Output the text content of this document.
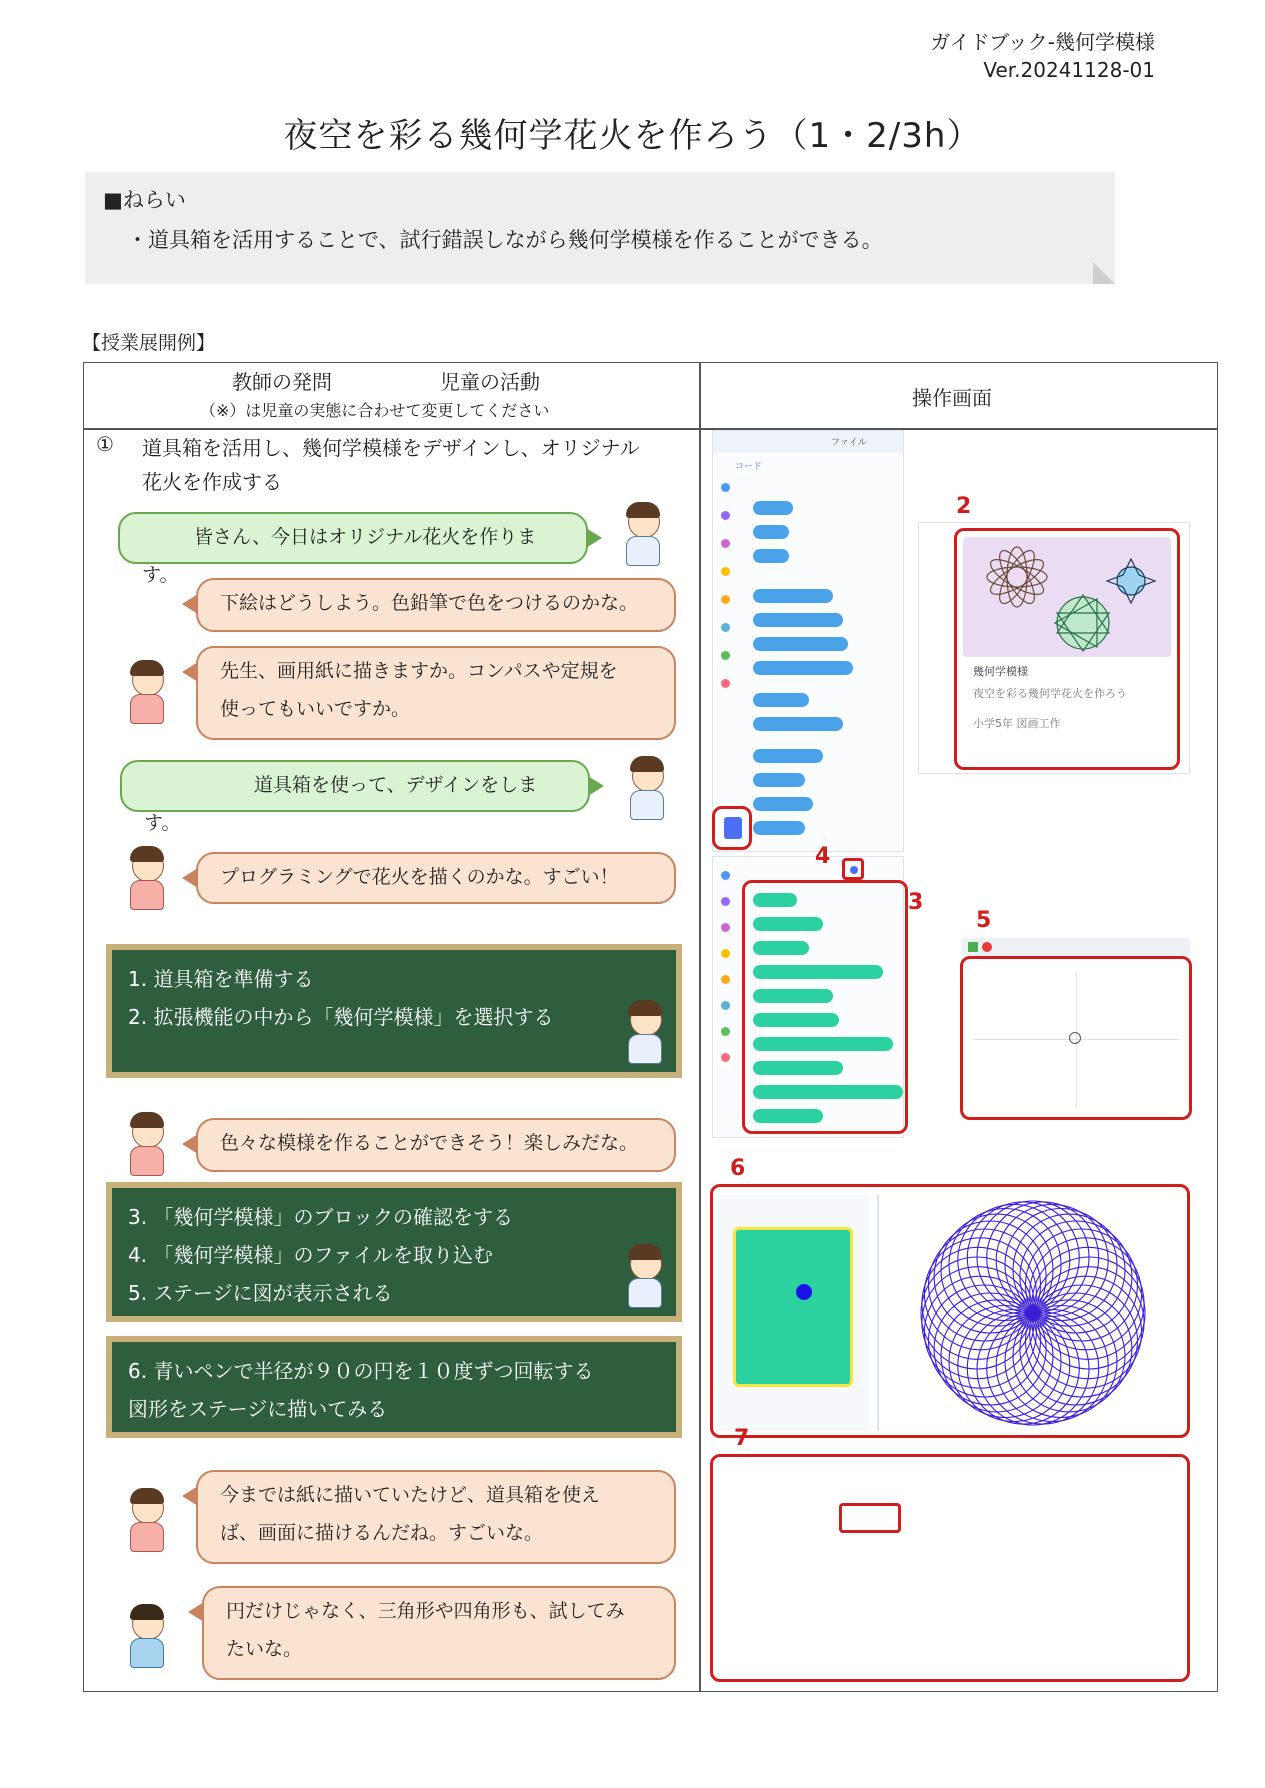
ガイドブック-幾何学模様
Ver.20241128-01
夜空を彩る幾何学花火を作ろう（1・2/3h）
■ねらい
・道具箱を活用することで、試行錯誤しながら幾何学模様を作ることができる。
【授業展開例】
教師の発問	児童の活動
（※）は児童の実態に合わせて変更してください
操作画面
① 道具箱を活用し、幾何学模様をデザインし、オリジナル
花火を作成する
皆さん、今日はオリジナル花火を作ります。
下絵はどうしよう。色鉛筆で色をつけるのかな。
先生、画用紙に描きますか。コンパスや定規を
使ってもいいですか。
道具箱を使って、デザインをします。
プログラミングで花火を描くのかな。すごい！
1. 道具箱を準備する
2. 拡張機能の中から「幾何学模様」を選択する
色々な模様を作ることができそう！楽しみだな。
3. 「幾何学模様」のブロックの確認をする
4. 「幾何学模様」のファイルを取り込む
5. ステージに図が表示される
6. 青いペンで半径が９０の円を１０度ずつ回転する
図形をステージに描いてみる
今までは紙に描いていたけど、道具箱を使え
ば、画面に描けるんだね。すごいな。
円だけじゃなく、三角形や四角形も、試してみ
たいな。
ファイル
コード
2
幾何学模様
夜空を彩る幾何学花火を作ろう
小学5年 図画工作
4
3
5
6
7
